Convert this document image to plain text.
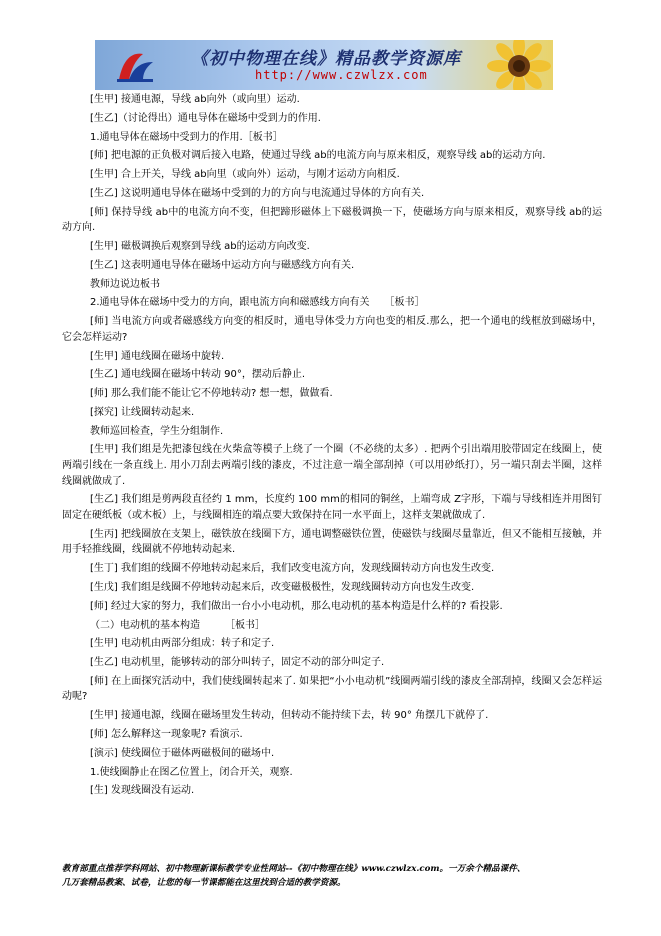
《初中物理在线》精品教学资源库
http://www.czwlzx.com

[生甲] 接通电源，导线 ab向外（或向里）运动.

[生乙]（讨论得出）通电导体在磁场中受到力的作用.

1.通电导体在磁场中受到力的作用.［板书］

[师] 把电源的正负极对调后接入电路，使通过导线 ab的电流方向与原来相反，观察导线 ab的运动方向.

[生甲] 合上开关，导线 ab向里（或向外）运动，与刚才运动方向相反.

[生乙] 这说明通电导体在磁场中受到的力的方向与电流通过导体的方向有关.

[师] 保持导线 ab中的电流方向不变，但把蹄形磁体上下磁极调换一下，使磁场方向与原来相反，观察导线 ab的运动方向.

[生甲] 磁极调换后观察到导线 ab的运动方向改变.

[生乙] 这表明通电导体在磁场中运动方向与磁感线方向有关.

教师边说边板书

2.通电导体在磁场中受力的方向，跟电流方向和磁感线方向有关　　［板书］

[师] 当电流方向或者磁感线方向变的相反时，通电导体受力方向也变的相反.那么，把一个通电的线框放到磁场中，它会怎样运动?

[生甲] 通电线圈在磁场中旋转.

[生乙] 通电线圈在磁场中转动 90°，摆动后静止.

[师] 那么我们能不能让它不停地转动? 想一想，做做看.

[探究] 让线圈转动起来.

教师巡回检查，学生分组制作.

[生甲] 我们组是先把漆包线在火柴盒等模子上绕了一个圈（不必绕的太多）. 把两个引出端用胶带固定在线圈上，使两端引线在一条直线上. 用小刀刮去两端引线的漆皮，不过注意一端全部刮掉（可以用砂纸打），另一端只刮去半圈，这样线圈就做成了.

[生乙] 我们组是剪两段直径约 1 mm，长度约 100 mm的相同的铜丝，上端弯成 Z字形，下端与导线相连并用图钉固定在硬纸板（或木板）上，与线圈相连的端点要大致保持在同一水平面上，这样支架就做成了.

[生丙] 把线圈放在支架上，磁铁放在线圈下方，通电调整磁铁位置，使磁铁与线圈尽量靠近，但又不能相互接触，并用手轻推线圈，线圈就不停地转动起来.

[生丁] 我们组的线圈不停地转动起来后，我们改变电流方向，发现线圈转动方向也发生改变.

[生戊] 我们组是线圈不停地转动起来后，改变磁极极性，发现线圈转动方向也发生改变.

[师] 经过大家的努力，我们做出一台小小电动机，那么电动机的基本构造是什么样的? 看投影.

（二）电动机的基本构造　　　［板书］

[生甲] 电动机由两部分组成：转子和定子.

[生乙] 电动机里，能够转动的部分叫转子，固定不动的部分叫定子.

[师] 在上面探究活动中，我们使线圈转起来了. 如果把“小小电动机”线圈两端引线的漆皮全部刮掉，线圈又会怎样运动呢?

[生甲] 接通电源，线圈在磁场里发生转动，但转动不能持续下去，转 90° 角摆几下就停了.

[师] 怎么解释这一现象呢? 看演示.

[演示] 使线圈位于磁体两磁极间的磁场中.

1.使线圈静止在图乙位置上，闭合开关，观察.

[生] 发现线圈没有运动.

教育部重点推荐学科网站、初中物理新课标教学专业性网站--《初中物理在线》www.czwlzx.com。一万余个精品课件、
几万套精品教案、试卷，让您的每一节课都能在这里找到合适的教学资源。
